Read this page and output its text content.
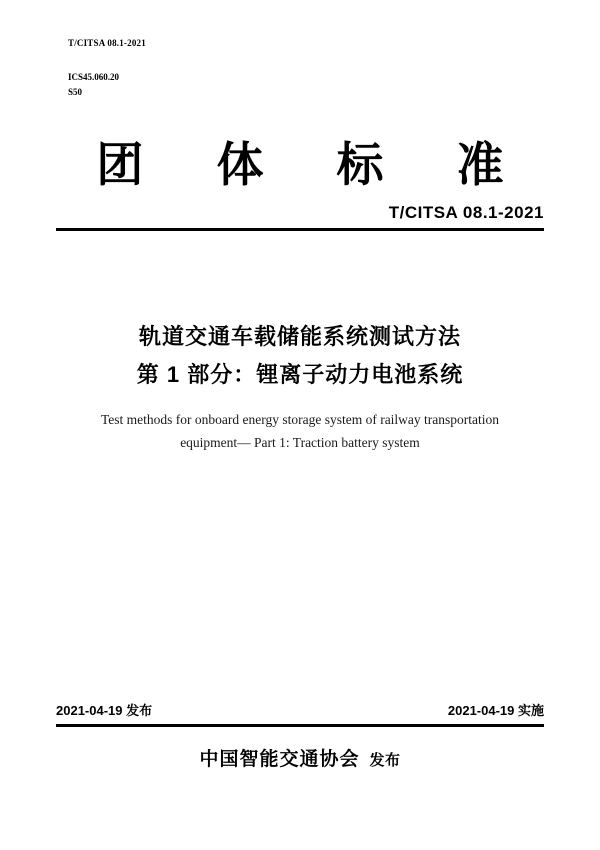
T/CITSA 08.1-2021
ICS45.060.20
S50
团 体 标 准
T/CITSA 08.1-2021
轨道交通车载储能系统测试方法
第 1 部分：锂离子动力电池系统
Test methods for onboard energy storage system of railway transportation
equipment— Part 1: Traction battery system
2021-04-19 发布	2021-04-19 实施
中国智能交通协会 发布
